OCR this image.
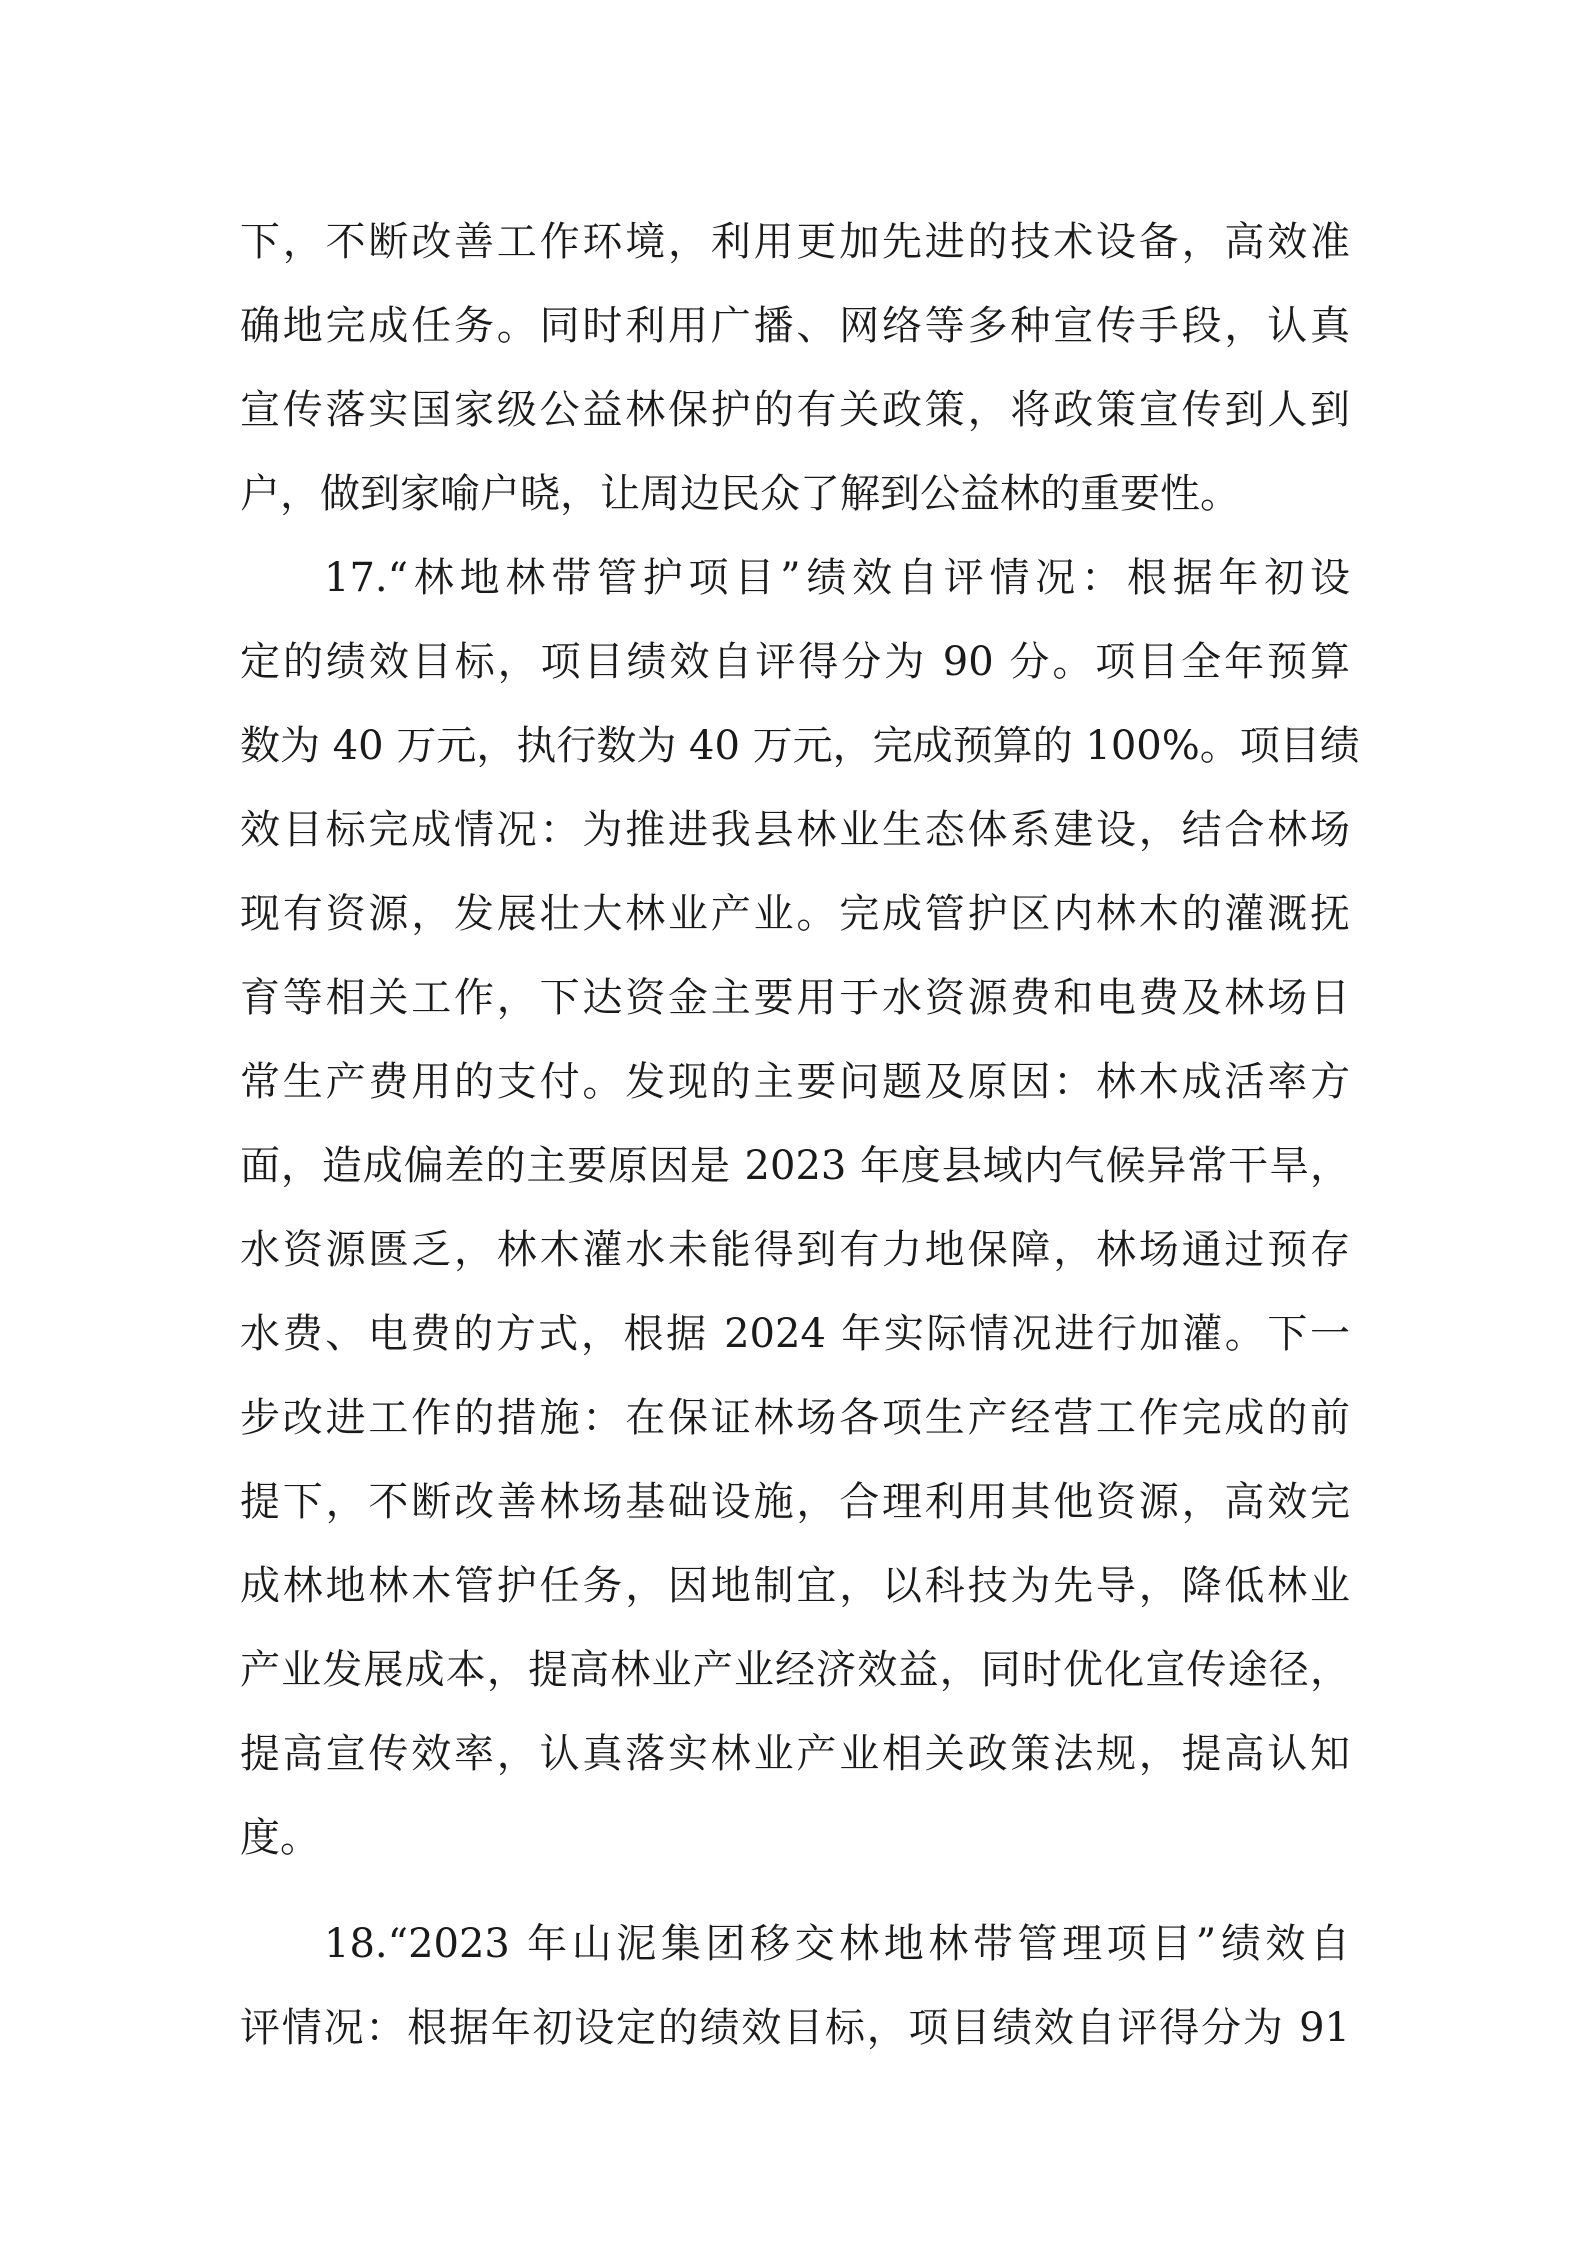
下，不断改善工作环境，利用更加先进的技术设备，高效准
确地完成任务。同时利用广播、网络等多种宣传手段，认真
宣传落实国家级公益林保护的有关政策，将政策宣传到人到
户，做到家喻户晓，让周边民众了解到公益林的重要性。
17.“林地林带管护项目”绩效自评情况：根据年初设
定的绩效目标，项目绩效自评得分为 90 分。项目全年预算
数为 40 万元，执行数为 40 万元，完成预算的 100%。项目绩
效目标完成情况：为推进我县林业生态体系建设，结合林场
现有资源，发展壮大林业产业。完成管护区内林木的灌溉抚
育等相关工作，下达资金主要用于水资源费和电费及林场日
常生产费用的支付。发现的主要问题及原因：林木成活率方
面，造成偏差的主要原因是 2023 年度县域内气候异常干旱，
水资源匮乏，林木灌水未能得到有力地保障，林场通过预存
水费、电费的方式，根据 2024 年实际情况进行加灌。下一
步改进工作的措施：在保证林场各项生产经营工作完成的前
提下，不断改善林场基础设施，合理利用其他资源，高效完
成林地林木管护任务，因地制宜，以科技为先导，降低林业
产业发展成本，提高林业产业经济效益，同时优化宣传途径，
提高宣传效率，认真落实林业产业相关政策法规，提高认知
度。
18.“2023 年山泥集团移交林地林带管理项目”绩效自
评情况：根据年初设定的绩效目标，项目绩效自评得分为 91
